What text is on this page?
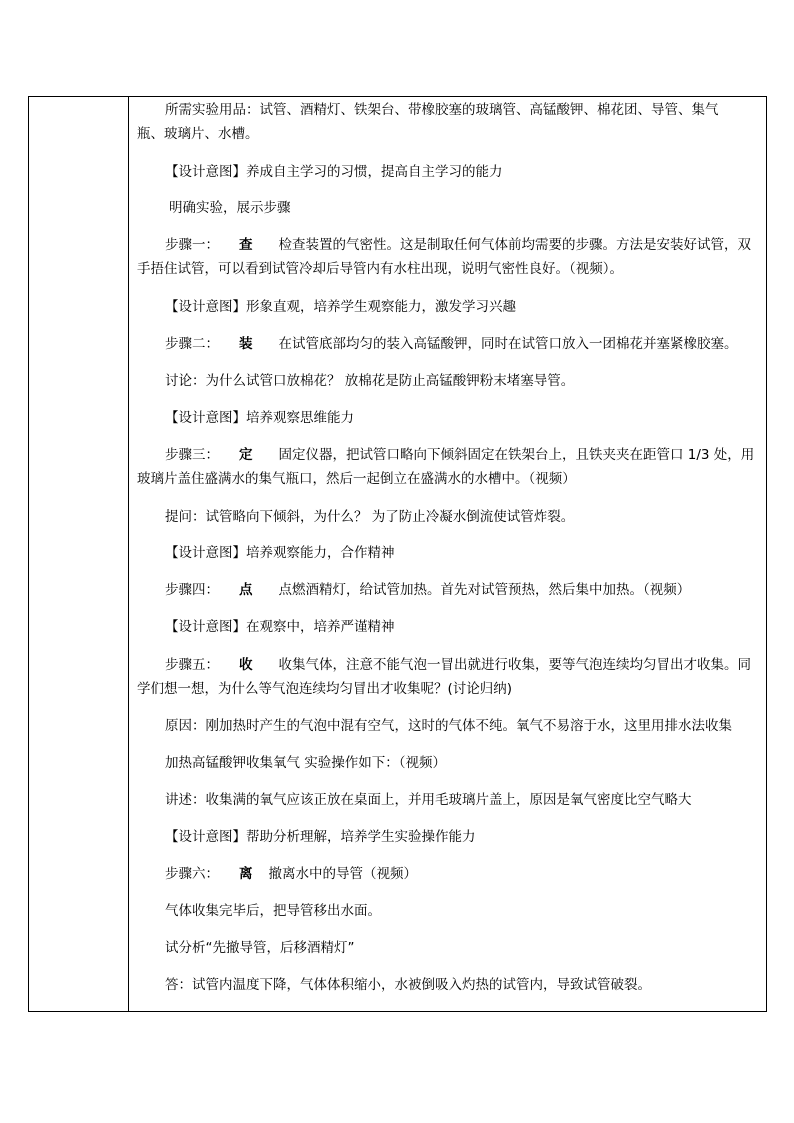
所需实验用品：试管、酒精灯、铁架台、带橡胶塞的玻璃管、高锰酸钾、棉花团、导管、集气

瓶、玻璃片、水槽。

【设计意图】养成自主学习的习惯，提高自主学习的能力

明确实验，展示步骤

步骤一： 查 检查装置的气密性。这是制取任何气体前均需要的步骤。方法是安装好试管，双

手捂住试管，可以看到试管冷却后导管内有水柱出现，说明气密性良好。（视频）。

【设计意图】形象直观，培养学生观察能力，激发学习兴趣

步骤二： 装 在试管底部均匀的装入高锰酸钾，同时在试管口放入一团棉花并塞紧橡胶塞。

讨论：为什么试管口放棉花？ 放棉花是防止高锰酸钾粉末堵塞导管。

【设计意图】培养观察思维能力

步骤三： 定 固定仪器，把试管口略向下倾斜固定在铁架台上，且铁夹夹在距管口 1/3 处，用

玻璃片盖住盛满水的集气瓶口，然后一起倒立在盛满水的水槽中。（视频）

提问：试管略向下倾斜，为什么？ 为了防止冷凝水倒流使试管炸裂。

【设计意图】培养观察能力，合作精神

步骤四： 点 点燃酒精灯，给试管加热。首先对试管预热，然后集中加热。（视频）

【设计意图】在观察中，培养严谨精神

步骤五： 收 收集气体，注意不能气泡一冒出就进行收集，要等气泡连续均匀冒出才收集。同

学们想一想，为什么等气泡连续均匀冒出才收集呢？(讨论归纳)

原因：刚加热时产生的气泡中混有空气，这时的气体不纯。氧气不易溶于水，这里用排水法收集

加热高锰酸钾收集氧气 实验操作如下：（视频）

讲述：收集满的氧气应该正放在桌面上，并用毛玻璃片盖上，原因是氧气密度比空气略大

【设计意图】帮助分析理解，培养学生实验操作能力

步骤六： 离 撤离水中的导管（视频）

气体收集完毕后，把导管移出水面。

试分析“先撤导管，后移酒精灯”

答：试管内温度下降，气体体积缩小，水被倒吸入灼热的试管内，导致试管破裂。
